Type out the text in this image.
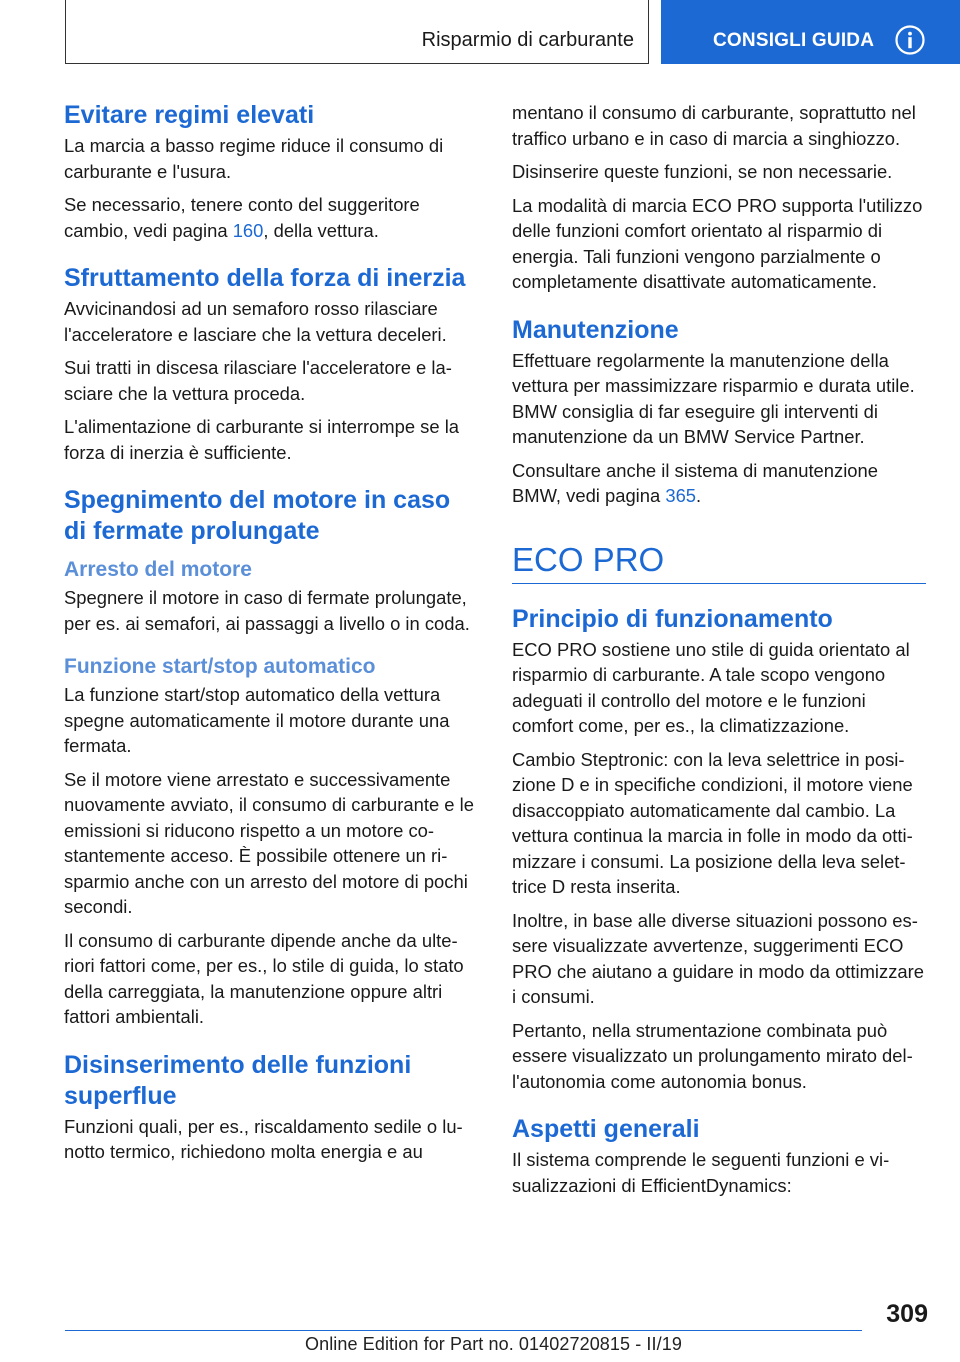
Risparmio di carburante	CONSIGLI GUIDA
Evitare regimi elevati

La marcia a basso regime riduce il consumo di carburante e l'usura.

Se necessario, tenere conto del suggeritore cambio, vedi pagina 160, della vettura.

Sfruttamento della forza di inerzia

Avvicinandosi ad un semaforo rosso rilasciare l'acceleratore e lasciare che la vettura deceleri.

Sui tratti in discesa rilasciare l'acceleratore e lasciare che la vettura proceda.

L'alimentazione di carburante si interrompe se la forza di inerzia è sufficiente.

Spegnimento del motore in caso di fermate prolungate
Arresto del motore

Spegnere il motore in caso di fermate prolungate, per es. ai semafori, ai passaggi a livello o in coda.

Funzione start/stop automatico

La funzione start/stop automatico della vettura spegne automaticamente il motore durante una fermata.

Se il motore viene arrestato e successivamente nuovamente avviato, il consumo di carburante e le emissioni si riducono rispetto a un motore costantemente acceso. È possibile ottenere un risparmio anche con un arresto del motore di pochi secondi.

Il consumo di carburante dipende anche da ulteriori fattori come, per es., lo stile di guida, lo stato della carreggiata, la manutenzione oppure altri fattori ambientali.

Disinserimento delle funzioni superflue

Funzioni quali, per es., riscaldamento sedile o lunotto termico, richiedono molta energia e au

mentano il consumo di carburante, soprattutto nel traffico urbano e in caso di marcia a singhiozzo.

Disinserire queste funzioni, se non necessarie.

La modalità di marcia ECO PRO supporta l'utilizzo delle funzioni comfort orientato al risparmio di energia. Tali funzioni vengono parzialmente o completamente disattivate automaticamente.

Manutenzione

Effettuare regolarmente la manutenzione della vettura per massimizzare risparmio e durata utile. BMW consiglia di far eseguire gli interventi di manutenzione da un BMW Service Partner.

Consultare anche il sistema di manutenzione BMW, vedi pagina 365.

ECO PRO
Principio di funzionamento

ECO PRO sostiene uno stile di guida orientato al risparmio di carburante. A tale scopo vengono adeguati il controllo del motore e le funzioni comfort come, per es., la climatizzazione.

Cambio Steptronic: con la leva selettrice in posizione D e in specifiche condizioni, il motore viene disaccoppiato automaticamente dal cambio. La vettura continua la marcia in folle in modo da ottimizzare i consumi. La posizione della leva selettrice D resta inserita.

Inoltre, in base alle diverse situazioni possono essere visualizzate avvertenze, suggerimenti ECO PRO che aiutano a guidare in modo da ottimizzare i consumi.

Pertanto, nella strumentazione combinata può essere visualizzato un prolungamento mirato dell'autonomia come autonomia bonus.

Aspetti generali

Il sistema comprende le seguenti funzioni e visualizzazioni di EfficientDynamics:

309
Online Edition for Part no. 01402720815 - II/19
